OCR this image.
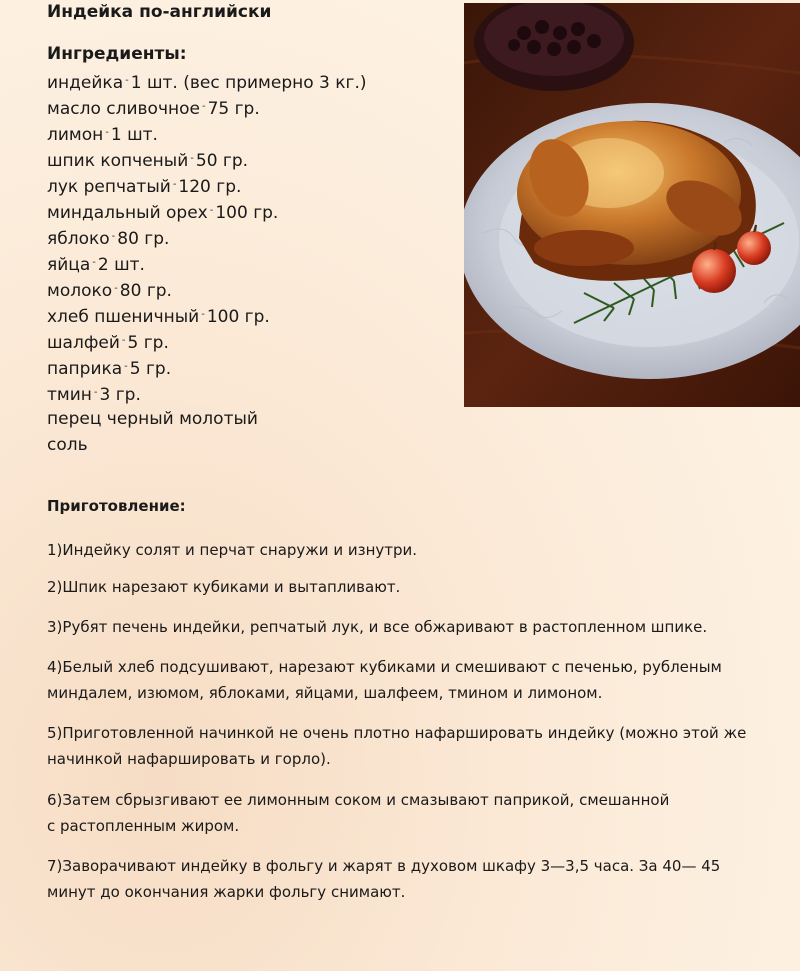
Индейка по-английски
Ингредиенты:
индейка - 1 шт. (вес примерно 3 кг.)
масло сливочное - 75 гр.
лимон - 1 шт.
шпик копченый - 50 гр.
лук репчатый - 120 гр.
миндальный орех - 100 гр.
яблоко - 80 гр.
яйца - 2 шт.
молоко - 80 гр.
хлеб пшеничный - 100 гр.
шалфей - 5 гр.
паприка - 5 гр.
тмин - 3 гр.
перец черный молотый
соль
Приготовление:

1)Индейку солят и перчат снаружи и изнутри.

2)Шпик нарезают кубиками и вытапливают.

3)Рубят печень индейки, репчатый лук, и все обжаривают в растопленном шпике.

4)Белый хлеб подсушивают, нарезают кубиками и смешивают с печенью, рубленым

миндалем, изюмом, яблоками, яйцами, шалфеем, тмином и лимоном.

5)Приготовленной начинкой не очень плотно нафаршировать индейку (можно этой же

начинкой нафаршировать и горло).

6)Затем сбрызгивают ее лимонным соком и смазывают паприкой, смешанной

с растопленным жиром.

7)Заворачивают индейку в фольгу и жарят в духовом шкафу 3—3,5 часа. За 40— 45

минут до окончания жарки фольгу снимают.
